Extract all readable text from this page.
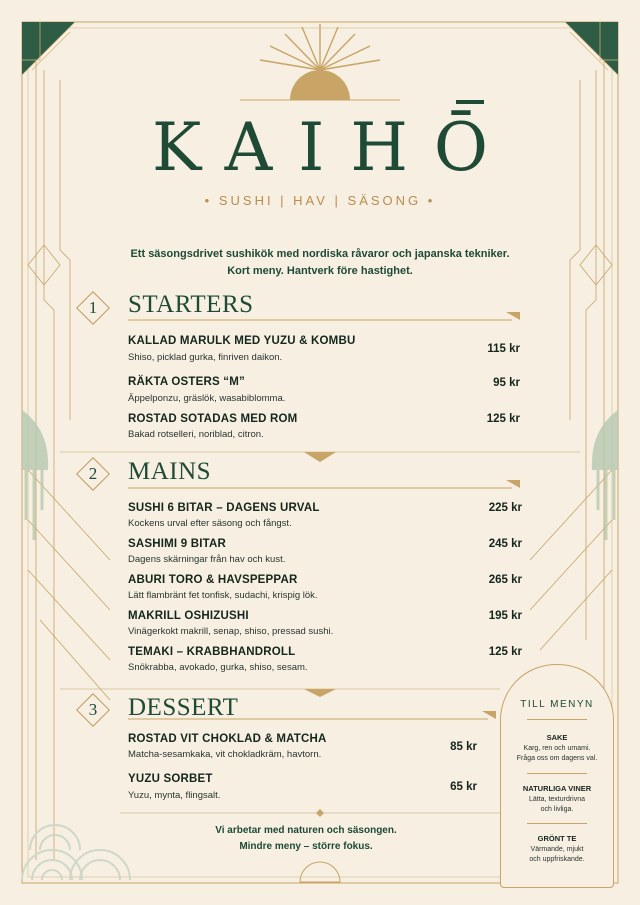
KAIHŌ
• SUSHI | HAV | SÄSONG •
Ett säsongsdrivet sushikök med nordiska råvaror och japanska tekniker.
Kort meny. Hantverk före hastighet.
1 STARTERS
KALLAD MARULK MED YUZU & KOMBU
Shiso, picklad gurka, finriven daikon.
115 kr
RÄKTA OSTERS “M”
Äppelponzu, gräslök, wasabiblomma.
95 kr
ROSTAD SOTADAS MED ROM
Bakad rotselleri, noriblad, citron.
125 kr
2 MAINS
SUSHI 6 BITAR – DAGENS URVAL
Kockens urval efter säsong och fångst.
225 kr
SASHIMI 9 BITAR
Dagens skärningar från hav och kust.
245 kr
ABURI TORO & HAVSPEPPAR
Lätt flambränt fet tonfisk, sudachi, krispig lök.
265 kr
MAKRILL OSHIZUSHI
Vinägerkokt makrill, senap, shiso, pressad sushi.
195 kr
TEMAKI – KRABBHANDROLL
Snökrabba, avokado, gurka, shiso, sesam.
125 kr
3 DESSERT
ROSTAD VIT CHOKLAD & MATCHA
Matcha-sesamkaka, vit chokladkräm, havtorn.
85 kr
YUZU SORBET
Yuzu, mynta, flingsalt.
65 kr
TILL MENYN
SAKE
Karg, ren och umami.
Fråga oss om dagens val.
NATURLIGA VINER
Lätta, texturdrivna
och livliga.
GRÖNT TE
Värmande, mjukt
och uppfriskande.
Vi arbetar med naturen och säsongen.
Mindre meny – större fokus.
